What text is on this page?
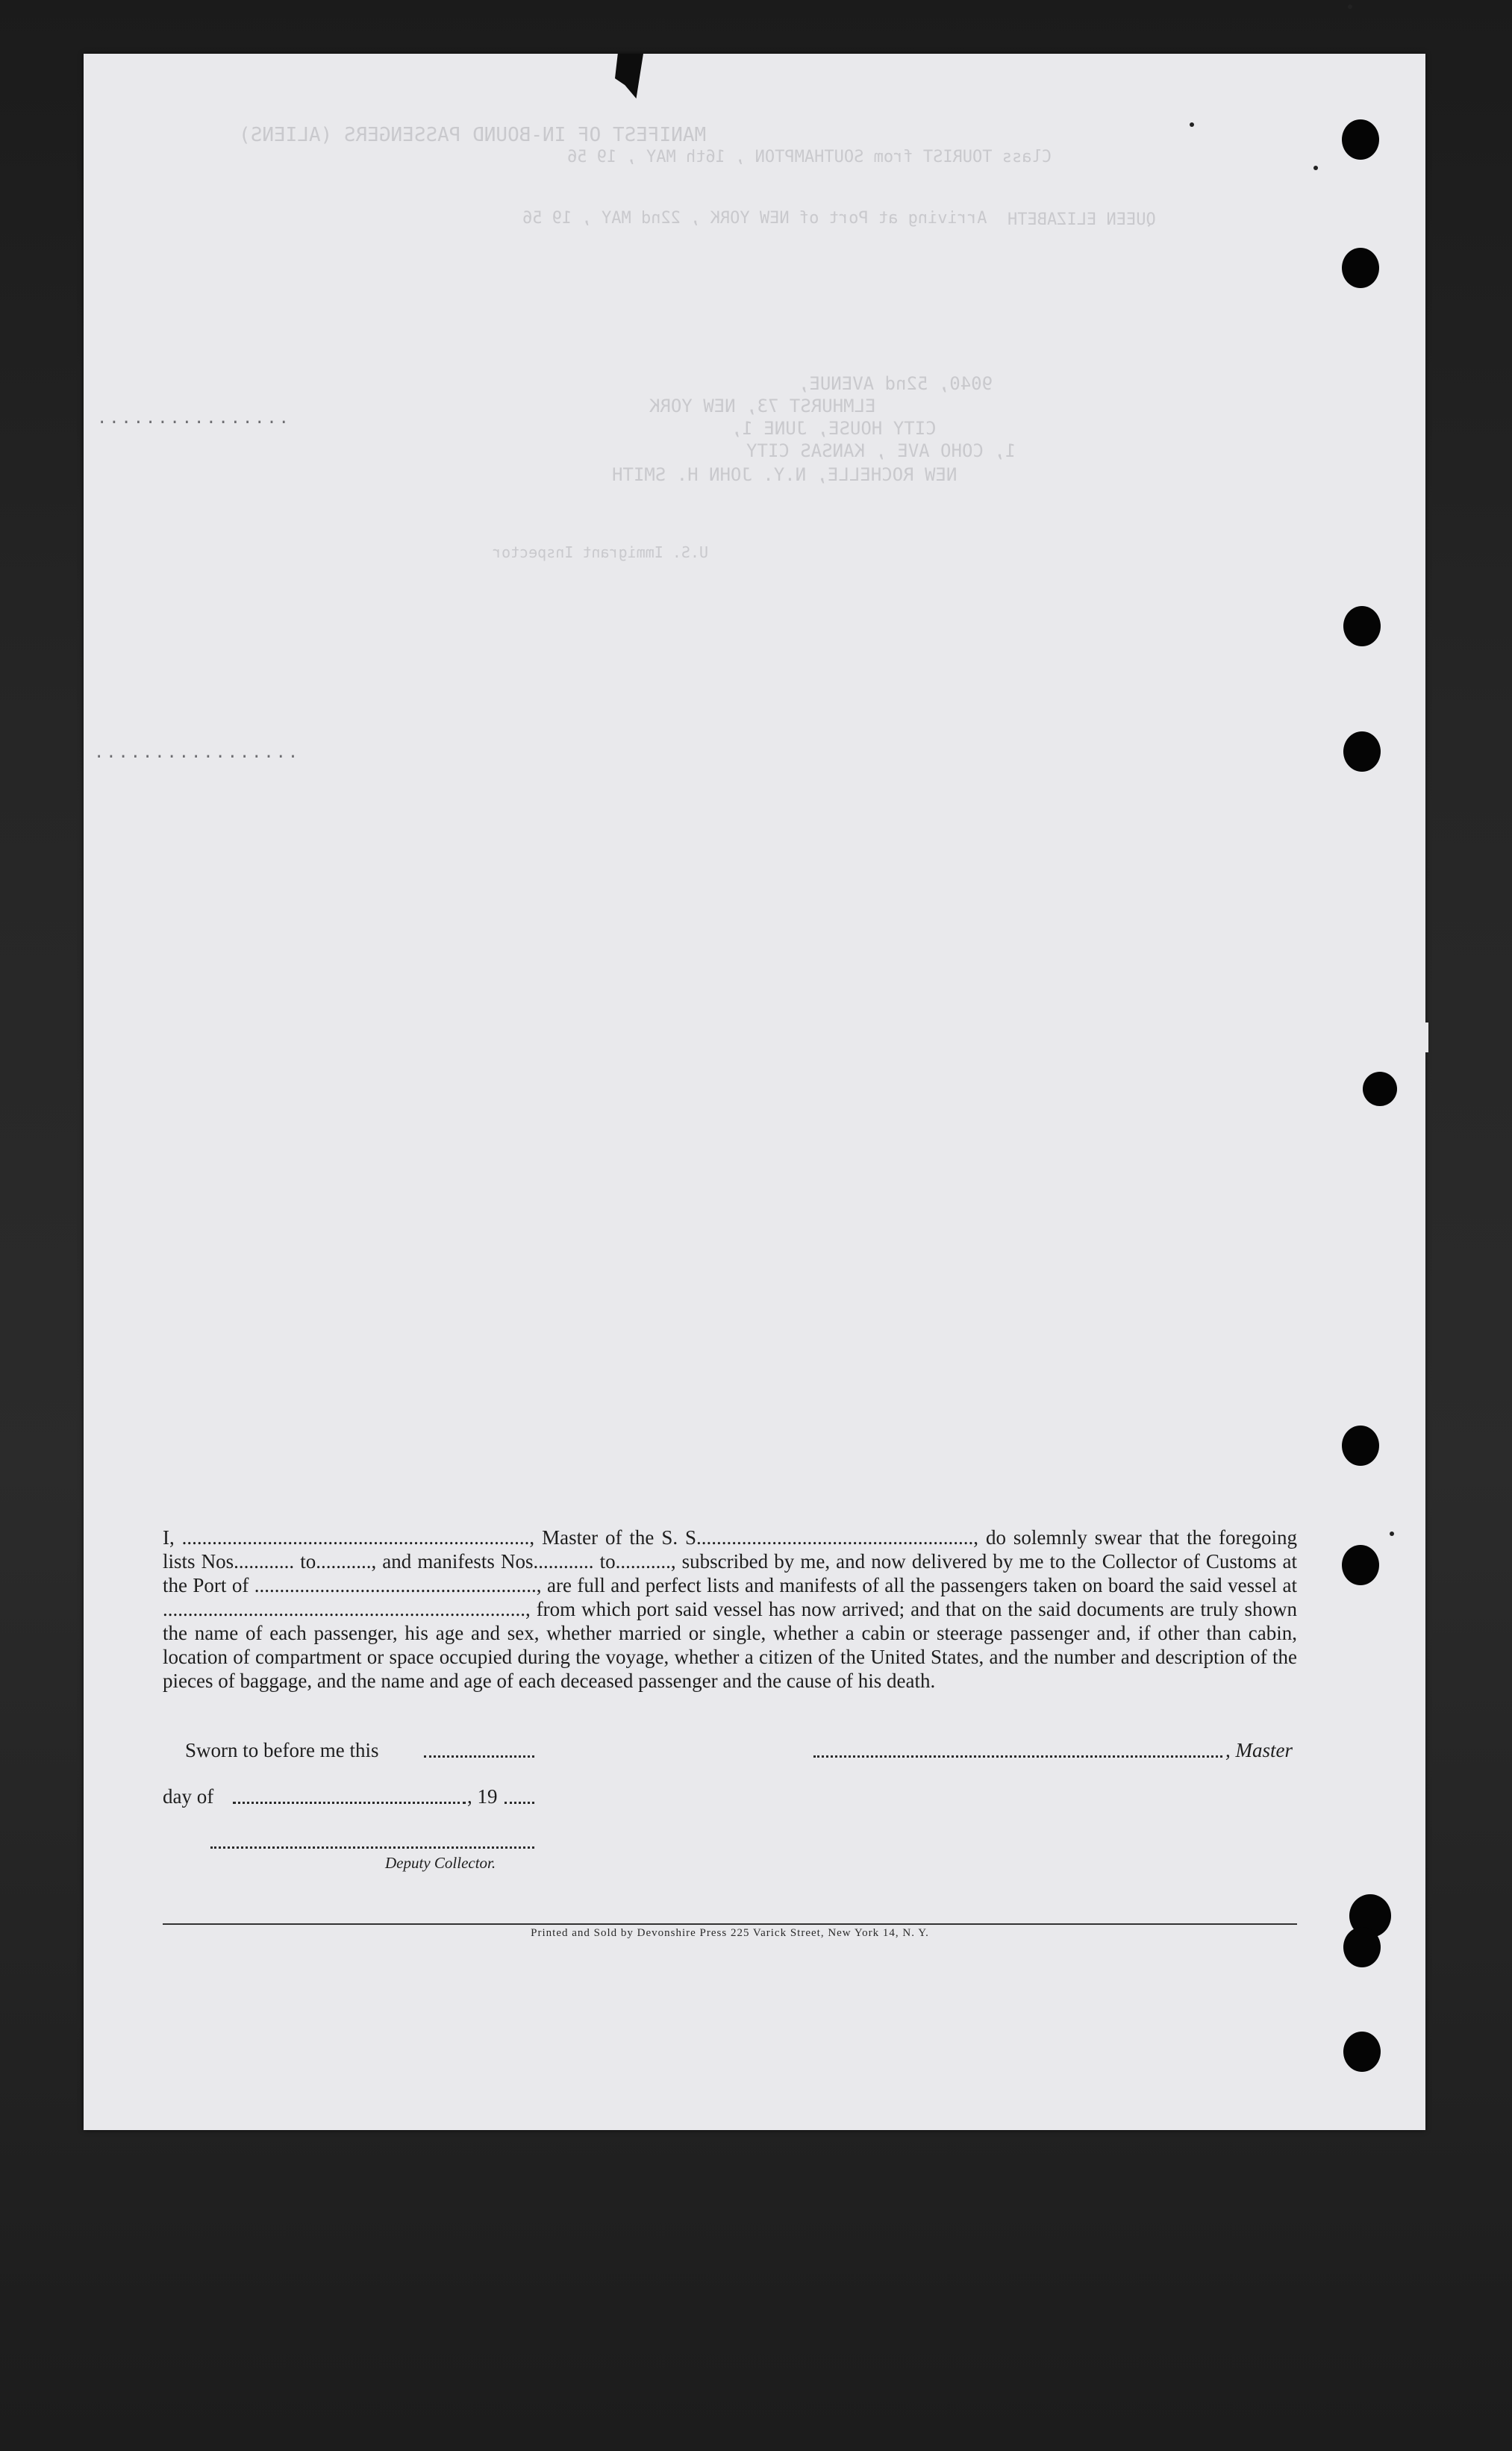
MANIFEST OF IN-BOUND PASSENGERS (ALIENS)
Class TOURIST from SOUTHAMPTON , 16th MAY , 19 56
Arriving at Port of NEW YORK , 22nd MAY , 19 56 QUEEN ELIZABETH
9040, 52nd AVENUE,
ELMHURST 73, NEW YORK
CITY HOUSE, JUNE 1,
1, COHO AVE , KANSAS CITY
NEW ROCHELLE, N.Y. JOHN H. SMITH
U.S. Immigrant Inspector
................
.................
I, ....................................................................., Master of the S. S......................................................., do solemnly swear that the foregoing lists Nos............ to..........., and manifests Nos............ to..........., subscribed by me, and now delivered by me to the Collector of Customs at the Port of ........................................................, are full and perfect lists and manifests of all the passengers taken on board the said vessel at ........................................................................, from which port said vessel has now arrived; and that on the said documents are truly shown the name of each passenger, his age and sex, whether married or single, whether a cabin or steerage passenger and, if other than cabin, location of compartment or space occupied during the voyage, whether a citizen of the United States, and the number and description of the pieces of baggage, and the name and age of each deceased passenger and the cause of his death.
Sworn to before me this	, Master
day of	, 19
Deputy Collector.
Printed and Sold by Devonshire Press 225 Varick Street, New York 14, N. Y.
